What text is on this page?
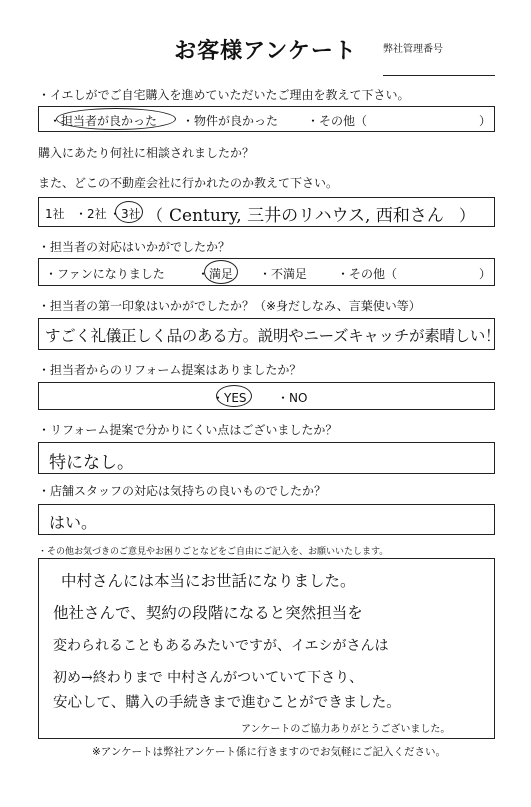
お客様アンケート	弊社管理番号
・イエしがでご自宅購入を進めていただいたご理由を教えて下さい。
・担当者が良かった ・物件が良かった ・その他（	）
購入にあたり何社に相談されましたか？
また、どこの不動産会社に行かれたのか教えて下さい。
1社 ・2社 ・3社 （ Century, 三井のリハウス, 西和さん ）
・担当者の対応はいかがでしたか？
・ファンになりました	・満足 ・不満足 ・その他（	）
・担当者の第一印象はいかがでしたか？（※身だしなみ、言葉使い等）
すごく礼儀正しく品のある方。説明やニーズキャッチが素晴しい！
・担当者からのリフォーム提案はありましたか？
・YES	・NO
・リフォーム提案で分かりにくい点はございましたか？
特になし。
・店舗スタッフの対応は気持ちの良いものでしたか？
はい。
・その他お気づきのご意見やお困りごとなどをご自由にご記入を、お願いいたします。
中村さんには本当にお世話になりました。
他社さんで、契約の段階になると突然担当を
変わられることもあるみたいですが、イエシがさんは
初め→終わりまで 中村さんがついていて下さり、
安心して、購入の手続きまで進むことができました。
アンケートのご協力ありがとうございました。
※アンケートは弊社アンケート係に行きますのでお気軽にご記入ください。
